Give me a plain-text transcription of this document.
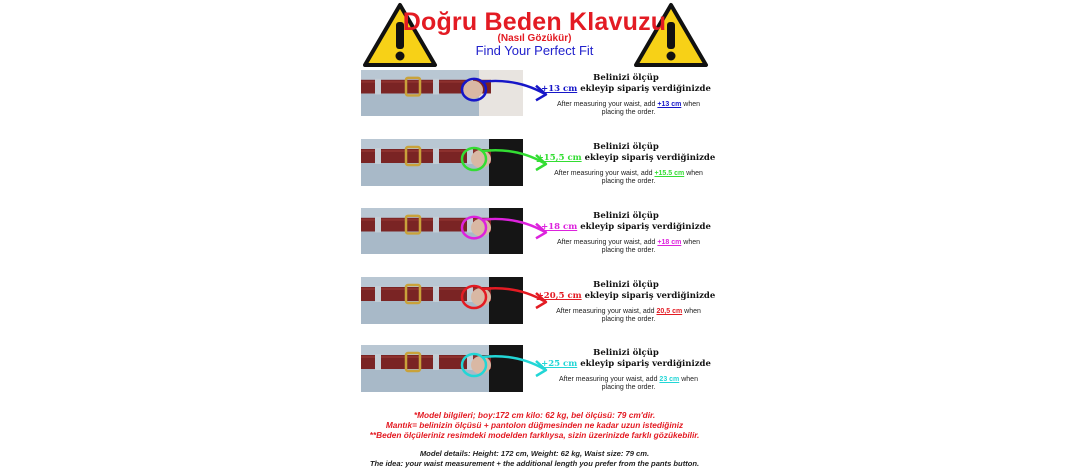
Doğru Beden Klavuzu
(Nasıl Gözükür)
Find Your Perfect Fit
Belinizi ölçüp
+13 cm ekleyip sipariş verdiğinizde
After measuring your waist, add +13 cm when
placing the order.
Belinizi ölçüp
+15,5 cm ekleyip sipariş verdiğinizde
After measuring your waist, add +15.5 cm when
placing the order.
Belinizi ölçüp
+18 cm ekleyip sipariş verdiğinizde
After measuring your waist, add +18 cm when
placing the order.
Belinizi ölçüp
+20,5 cm ekleyip sipariş verdiğinizde
After measuring your waist, add 20,5 cm when
placing the order.
Belinizi ölçüp
+25 cm ekleyip sipariş verdiğinizde
After measuring your waist, add 23 cm when
placing the order.
*Model bilgileri; boy:172 cm kilo: 62 kg, bel ölçüsü: 79 cm'dir.
Mantık= belinizin ölçüsü + pantolon düğmesinden ne kadar uzun istediğiniz
**Beden ölçüleriniz resimdeki modelden farklıysa, sizin üzerinizde farklı gözükebilir.
Model details: Height: 172 cm, Weight: 62 kg, Waist size: 79 cm.
The idea: your waist measurement + the additional length you prefer from the pants button.
